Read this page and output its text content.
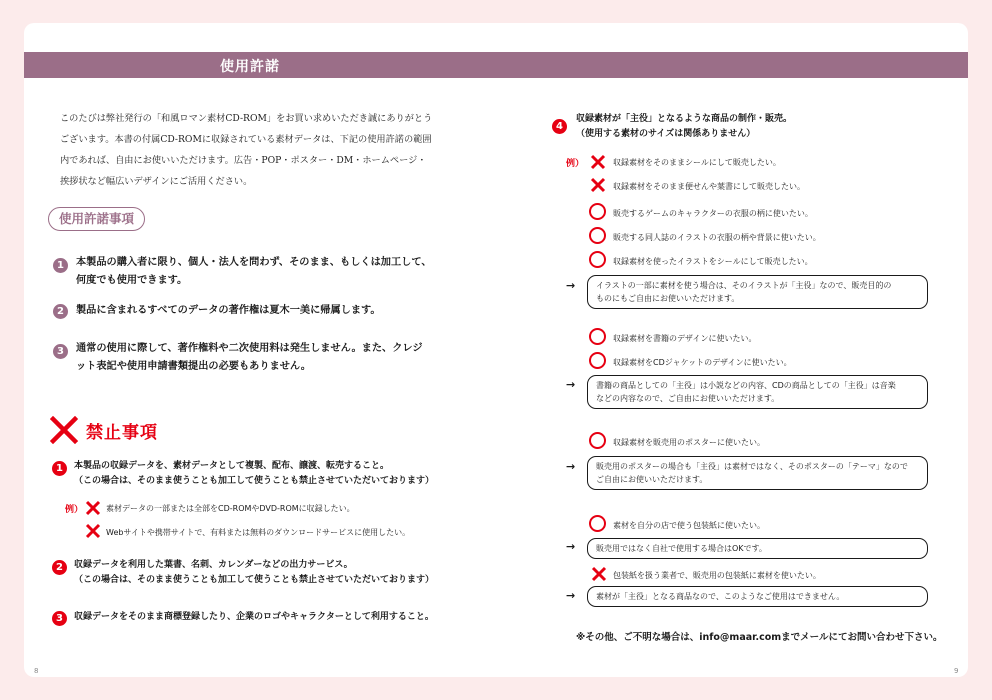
使用許諾
このたびは弊社発行の「和風ロマン素材CD-ROM」をお買い求めいただき誠にありがとう
ございます。本書の付属CD-ROMに収録されている素材データは、下記の使用許諾の範囲
内であれば、自由にお使いいただけます。広告・POP・ポスター・DM・ホームページ・
挨拶状など幅広いデザインにご活用ください。
使用許諾事項
1	本製品の購入者に限り、個人・法人を問わず、そのまま、もしくは加工して、
何度でも使用できます。
2	製品に含まれるすべてのデータの著作権は夏木一美に帰属します。
3	通常の使用に際して、著作権料や二次使用料は発生しません。また、クレジ
ット表記や使用申請書類提出の必要もありません。
禁止事項
1	本製品の収録データを、素材データとして複製、配布、譲渡、転売すること。
（この場合は、そのまま使うことも加工して使うことも禁止させていただいております）
例）	素材データの一部または全部をCD-ROMやDVD-ROMに収録したい。
Webサイトや携帯サイトで、有料または無料のダウンロードサービスに使用したい。
2	収録データを利用した葉書、名刺、カレンダーなどの出力サービス。
（この場合は、そのまま使うことも加工して使うことも禁止させていただいております）
3	収録データをそのまま商標登録したり、企業のロゴやキャラクターとして利用すること。
8
4
収録素材が「主役」となるような商品の制作・販売。
（使用する素材のサイズは関係ありません）
例）	収録素材をそのままシールにして販売したい。
収録素材をそのまま便せんや葉書にして販売したい。
販売するゲームのキャラクターの衣服の柄に使いたい。
販売する同人誌のイラストの衣服の柄や背景に使いたい。
収録素材を使ったイラストをシールにして販売したい。
→	イラストの一部に素材を使う場合は、そのイラストが「主役」なので、販売目的の
ものにもご自由にお使いいただけます。
収録素材を書籍のデザインに使いたい。
収録素材をCDジャケットのデザインに使いたい。
→	書籍の商品としての「主役」は小説などの内容、CDの商品としての「主役」は音楽
などの内容なので、ご自由にお使いいただけます。
収録素材を販売用のポスターに使いたい。
→	販売用のポスターの場合も「主役」は素材ではなく、そのポスターの「テーマ」なので
ご自由にお使いいただけます。
素材を自分の店で使う包装紙に使いたい。
→	販売用ではなく自社で使用する場合はOKです。
包装紙を扱う業者で、販売用の包装紙に素材を使いたい。
→	素材が「主役」となる商品なので、このようなご使用はできません。
※その他、ご不明な場合は、info@maar.comまでメールにてお問い合わせ下さい。
9
